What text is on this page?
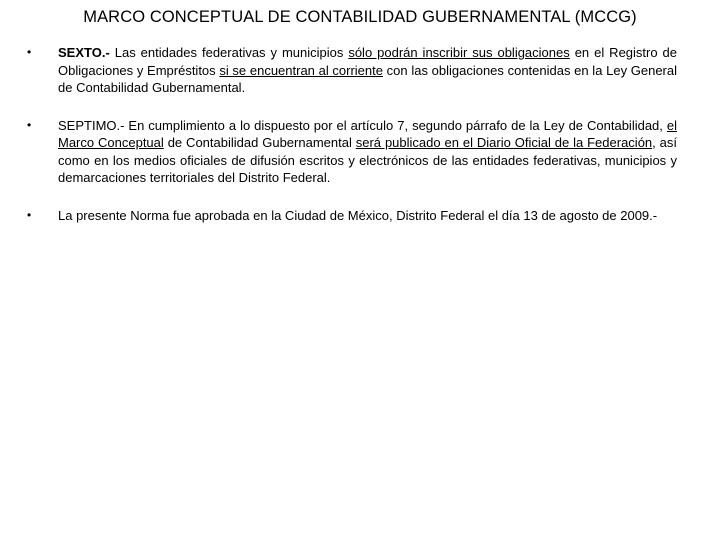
MARCO CONCEPTUAL DE CONTABILIDAD GUBERNAMENTAL (MCCG)
• SEXTO.- Las entidades federativas y municipios sólo podrán inscribir sus obligaciones en el Registro de Obligaciones y Empréstitos si se encuentran al corriente con las obligaciones contenidas en la Ley General de Contabilidad Gubernamental.
• SEPTIMO.- En cumplimiento a lo dispuesto por el artículo 7, segundo párrafo de la Ley de Contabilidad, el Marco Conceptual de Contabilidad Gubernamental será publicado en el Diario Oficial de la Federación, así como en los medios oficiales de difusión escritos y electrónicos de las entidades federativas, municipios y demarcaciones territoriales del Distrito Federal.
• La presente Norma fue aprobada en la Ciudad de México, Distrito Federal el día 13 de agosto de 2009.-
